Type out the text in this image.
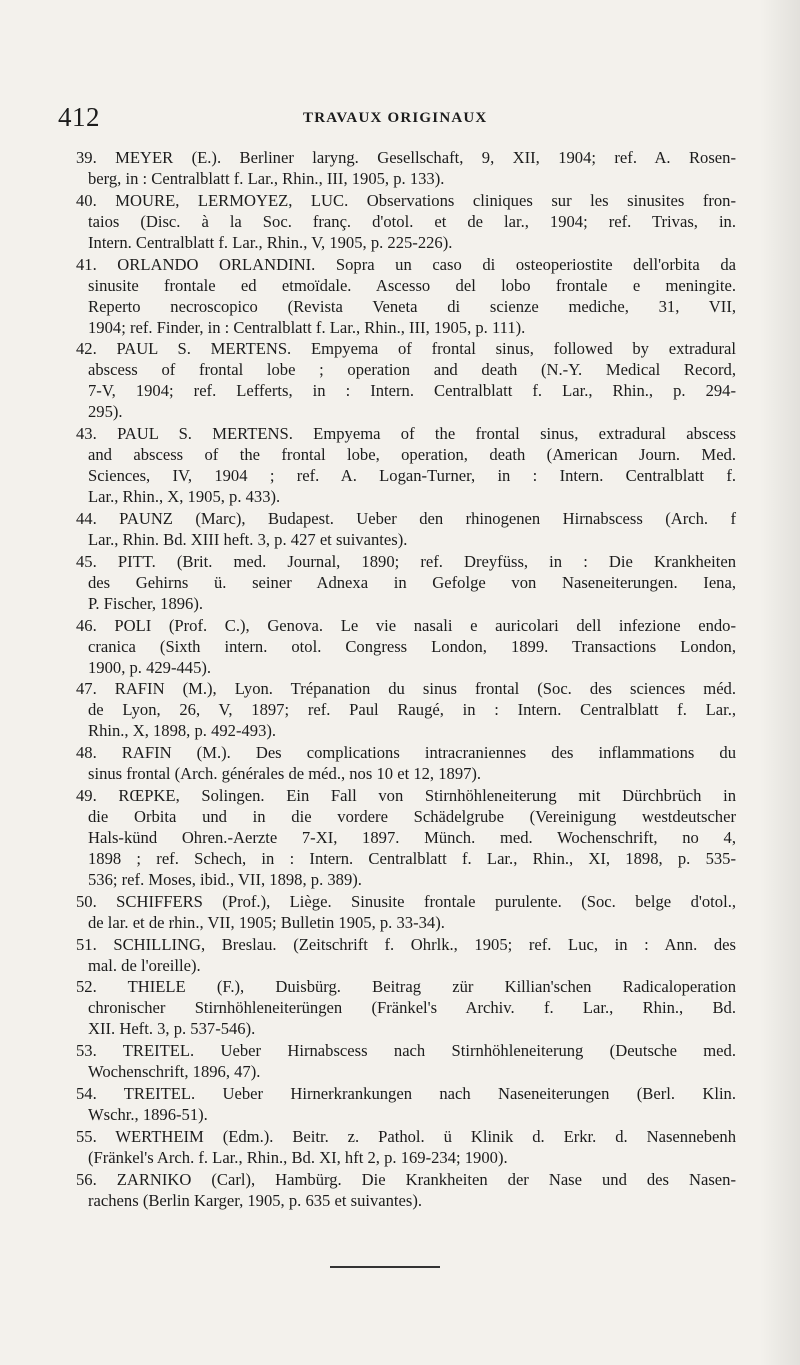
412	TRAVAUX ORIGINAUX
39. MEYER (E.). Berliner laryng. Gesellschaft, 9, XII, 1904; ref. A. Rosen-
berg, in : Centralblatt f. Lar., Rhin., III, 1905, p. 133).
40. MOURE, LERMOYEZ, LUC. Observations cliniques sur les sinusites fron-
taios (Disc. à la Soc. franç. d'otol. et de lar., 1904; ref. Trivas, in.
Intern. Centralblatt f. Lar., Rhin., V, 1905, p. 225-226).
41. ORLANDO ORLANDINI. Sopra un caso di osteoperiostite dell'orbita da
sinusite frontale ed etmoïdale. Ascesso del lobo frontale e meningite.
Reperto necroscopico (Revista Veneta di scienze mediche, 31, VII,
1904; ref. Finder, in : Centralblatt f. Lar., Rhin., III, 1905, p. 111).
42. PAUL S. MERTENS. Empyema of frontal sinus, followed by extradural
abscess of frontal lobe ; operation and death (N.-Y. Medical Record,
7-V, 1904; ref. Lefferts, in : Intern. Centralblatt f. Lar., Rhin., p. 294-
295).
43. PAUL S. MERTENS. Empyema of the frontal sinus, extradural abscess
and abscess of the frontal lobe, operation, death (American Journ. Med.
Sciences, IV, 1904 ; ref. A. Logan-Turner, in : Intern. Centralblatt f.
Lar., Rhin., X, 1905, p. 433).
44. PAUNZ (Marc), Budapest. Ueber den rhinogenen Hirnabscess (Arch. f
Lar., Rhin. Bd. XIII heft. 3, p. 427 et suivantes).
45. PITT. (Brit. med. Journal, 1890; ref. Dreyfüss, in : Die Krankheiten
des Gehirns ü. seiner Adnexa in Gefolge von Naseneiterungen. Iena,
P. Fischer, 1896).
46. POLI (Prof. C.), Genova. Le vie nasali e auricolari dell infezione endo-
cranica (Sixth intern. otol. Congress London, 1899. Transactions London,
1900, p. 429-445).
47. RAFIN (M.), Lyon. Trépanation du sinus frontal (Soc. des sciences méd.
de Lyon, 26, V, 1897; ref. Paul Raugé, in : Intern. Centralblatt f. Lar.,
Rhin., X, 1898, p. 492-493).
48. RAFIN (M.). Des complications intracraniennes des inflammations du
sinus frontal (Arch. générales de méd., nos 10 et 12, 1897).
49. RŒPKE, Solingen. Ein Fall von Stirnhöhleneiterung mit Dürchbrüch in
die Orbita und in die vordere Schädelgrube (Vereinigung westdeutscher
Hals-künd Ohren.-Aerzte 7-XI, 1897. Münch. med. Wochenschrift, no 4,
1898 ; ref. Schech, in : Intern. Centralblatt f. Lar., Rhin., XI, 1898, p. 535-
536; ref. Moses, ibid., VII, 1898, p. 389).
50. SCHIFFERS (Prof.), Liège. Sinusite frontale purulente. (Soc. belge d'otol.,
de lar. et de rhin., VII, 1905; Bulletin 1905, p. 33-34).
51. SCHILLING, Breslau. (Zeitschrift f. Ohrlk., 1905; ref. Luc, in : Ann. des
mal. de l'oreille).
52. THIELE (F.), Duisbürg. Beitrag zür Killian'schen Radicaloperation
chronischer Stirnhöhleneiterüngen (Fränkel's Archiv. f. Lar., Rhin., Bd.
XII. Heft. 3, p. 537-546).
53. TREITEL. Ueber Hirnabscess nach Stirnhöhleneiterung (Deutsche med.
Wochenschrift, 1896, 47).
54. TREITEL. Ueber Hirnerkrankungen nach Naseneiterungen (Berl. Klin.
Wschr., 1896-51).
55. WERTHEIM (Edm.). Beitr. z. Pathol. ü Klinik d. Erkr. d. Nasennebenh
(Fränkel's Arch. f. Lar., Rhin., Bd. XI, hft 2, p. 169-234; 1900).
56. ZARNIKO (Carl), Hambürg. Die Krankheiten der Nase und des Nasen-
rachens (Berlin Karger, 1905, p. 635 et suivantes).
